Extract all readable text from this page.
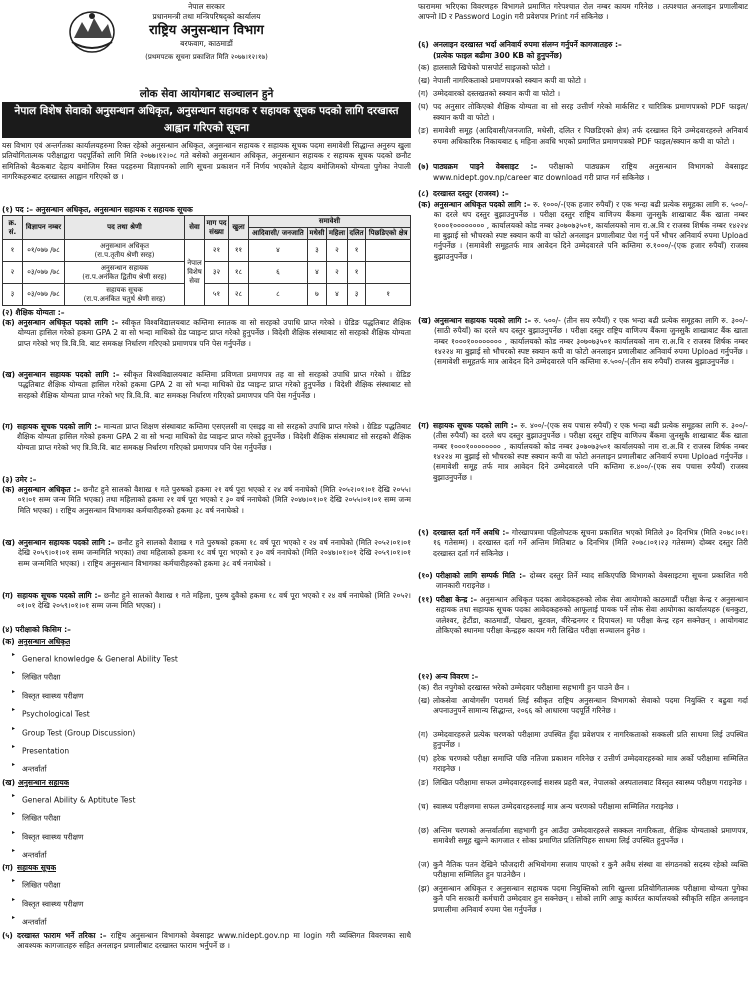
नेपाल सरकार
प्रधानमन्त्री तथा मन्त्रिपरिषद्को कार्यालय
राष्ट्रिय अनुसन्धान विभाग
बरफवाग, काठमाडौं
(प्रथमपटक सूचना प्रकाशित मिति २०७७।१२।१७)
लोक सेवा आयोगबाट सञ्चालन हुने
नेपाल विशेष सेवाको अनुसन्धान अधिकृत, अनुसन्धान सहायक र सहायक सूचक पदको लागि दरखास्त आह्वान गरिएको सूचना

यस विभाग एवं अन्तर्गतका कार्यालयहरुमा रिक्त रहेको अनुसन्धान अधिकृत, अनुसन्धान सहायक र सहायक सूचक पदमा समावेशी सिद्धान्त अनुरुप खुला प्रतियोगितात्मक परीक्षाद्वारा पदपूर्तिको लागि मिति २०७७।१२।०८ गते बसेको अनुसन्धान अधिकृत, अनुसन्धान सहायक र सहायक सूचक पदको छनौट समितिको बैठकबाट देहाय बमोजिम रिक्त पदहरुमा विज्ञापनको लागि सूचना प्रकाशन गर्ने निर्णय भएकोले देहाय बमोजिमको योग्यता पुगेका नेपाली नागरिकहरुबाट दरखास्त आह्वान गरिएको छ ।

(१) पद :– अनुसन्धान अधिकृत, अनुसन्धान सहायक र सहायक सूचक
क्र. सं.	विज्ञापन नम्बर	पद तथा श्रेणी	सेवा	माग पद संख्या	खुला	समावेशी				
						आदिवासी/ जनजाति	मधेसी	महिला	दलित	पिछडिएको क्षेत्र
१	०१/०७७ /७८	अनुसन्धान अधिकृत
(रा.प.तृतीय श्रेणी सरह)	नेपाल विशेष सेवा	२१	११	४	३	२	१	
२	०३/०७७ /७८	अनुसन्धान सहायक
(रा.प.अनंकित द्वितीय श्रेणी सरह)		३२	१८	६	४	२	१	
३	०३/०७७ /७८	सहायक सूचक
(रा.प.अनंकित चतुर्थ श्रेणी सरह)		५१	२८	८	७	४	३	१
(२) शैक्षिक योग्यता :–
(क) अनुसन्धान अधिकृत पदको लागि :– स्वीकृत विश्वविद्यालयबाट कम्तिमा स्नातक वा सो सरहको उपाधि प्राप्त गरेको । ग्रेडिङ पद्धतिबाट शैक्षिक योग्यता हासिल गरेको हकमा GPA 2 वा सो भन्दा माथिको ग्रेड प्वाइन्ट प्राप्त गरेको हुनुपर्नेछ । विदेशी शैक्षिक संस्थाबाट सो सरहको शैक्षिक योग्यता प्राप्त गरेको भए त्रि.वि.वि. बाट समकक्ष निर्धारण गरिएको प्रमाणपत्र पनि पेस गर्नुपर्नेछ ।

(ख) अनुसन्धान सहायक पदको लागि :– स्वीकृत विश्वविद्यालयबाट कम्तिमा प्रविणता प्रमाणपत्र तह वा सो सरहको उपाधि प्राप्त गरेको । ग्रेडिङ पद्धतिबाट शैक्षिक योग्यता हासिल गरेको हकमा GPA 2 वा सो भन्दा माथिको ग्रेड प्वाइन्ट प्राप्त गरेको हुनुपर्नेछ । विदेशी शैक्षिक संस्थाबाट सो सरहको शैक्षिक योग्यता प्राप्त गरेको भए त्रि.वि.वि. बाट समकक्ष निर्धारण गरिएको प्रमाणपत्र पनि पेस गर्नुपर्नेछ ।

(ग) सहायक सूचक पदको लागि :– मान्यता प्राप्त शिक्षण संस्थाबाट कम्तिमा एसएलसी वा एसइइ वा सो सरहको उपाधि प्राप्त गरेको । ग्रेडिङ पद्धतिबाट शैक्षिक योग्यता हासिल गरेको हकमा GPA 2 वा सो भन्दा माथिको ग्रेड प्वाइन्ट प्राप्त गरेको हुनुपर्नेछ । विदेशी शैक्षिक संस्थाबाट सो सरहको शैक्षिक योग्यता प्राप्त गरेको भए त्रि.वि.वि. बाट समकक्ष निर्धारण गरिएको प्रमाणपत्र पनि पेस गर्नुपर्नेछ ।

(३) उमेर :–
(क) अनुसन्धान अधिकृत :– छनौट हुने सालको वैशाख १ गते पुरुषको हकमा २१ वर्ष पूरा भएको र २४ वर्ष ननाघेको (मिति २०५२।०१।०१ देखि २०५५।०१।०१ सम्म जन्म मिति भएका) तथा महिलाको हकमा २१ वर्ष पूरा भएको र ३० वर्ष ननाघेको (मिति २०४७।०१।०१ देखि २०५५।०१।०१ सम्म जन्म मिति भएका) । राष्ट्रिय अनुसन्धान विभागका कर्मचारीहरुको हकमा ३८ वर्ष ननाघेको ।

(ख) अनुसन्धान सहायक पदको लागि :– छनौट हुने सालको वैशाख १ गते पुरुषको हकमा १८ वर्ष पूरा भएको र २४ वर्ष ननाघेको (मिति २०५२।०१।०१ देखि २०५९।०१।०१ सम्म जन्ममिति भएका) तथा महिलाको हकमा १८ वर्ष पूरा भएको र ३० वर्ष ननाघेको (मिति २०४७।०१।०१ देखि २०५९।०१।०१ सम्म जन्ममिति भएका) । राष्ट्रिय अनुसन्धान विभागका कर्मचारीहरुको हकमा ३८ वर्ष ननाघेको ।

(ग) सहायक सूचक पदको लागि :– छनौट हुने सालको वैशाख १ गते महिला, पुरुष दुवैको हकमा १८ वर्ष पूरा भएको र २४ वर्ष ननाघेको (मिति २०५२।०१।०१ देखि २०५९।०१।०१ सम्म जन्म मिति भएका) ।

(४) परीक्षाको किसिम :–
(क) अनुसन्धान अधिकृत
▸General knowledge & General Ability Test
▸लिखित परीक्षा
▸विस्तृत स्वास्थ्य परीक्षण
▸Psychological Test
▸Group Test (Group Discussion)
▸Presentation
▸अन्तर्वार्ता
(ख) अनुसन्धान सहायक
▸General Ability & Aptitute Test
▸लिखित परीक्षा
▸विस्तृत स्वास्थ्य परीक्षण
▸अन्तर्वार्ता
(ग) सहायक सूचक
▸लिखित परीक्षा
▸विस्तृत स्वास्थ्य परीक्षण
▸अन्तर्वार्ता
(५) दरखास्त फाराम भर्ने तरिका :– राष्ट्रिय अनुसन्धान विभागको वेबसाइट www.nidept.gov.np मा login गरी व्यक्तिगत विवरणका साथै आवश्यक कागजातहरु सहित अनलाइन प्रणालीबाट दरखास्त फाराम भर्नुपर्ने छ ।

फाराममा भरिएका विवरणहरु विभागले प्रमाणित गरेपश्चात रोल नम्बर कायम गरिनेछ । तत्पश्चात अनलाइन प्रणालीबाट आफ्नो ID र Password Login गरी प्रवेशपत्र Print गर्न सकिनेछ ।

(६) अनलाइन दरखास्त भर्दा अनिवार्य रुपमा संलग्न गर्नुपर्ने कागजातहरु :–
(प्रत्येक फाइल बढीमा 300 KB को हुनुपर्नेछ)
(क) हालसालै खिचेको पासपोर्ट साइजको फोटो ।

(ख) नेपाली नागरिकताको प्रमाणपत्रको स्क्यान कपी वा फोटो ।

(ग) उम्मेदवारको दस्तखतको स्क्यान कपी वा फोटो ।

(घ) पद अनुसार तोकिएको शैक्षिक योग्यता वा सो सरह उत्तीर्ण गरेको मार्कसिट र चारित्रिक प्रमाणपत्रको PDF फाइल/स्क्यान कपी वा फोटो ।

(ङ) समावेशी समूह (आदिवासी/जनजाति, मधेसी, दलित र पिछडिएको क्षेत्र) तर्फ दरखास्त दिने उम्मेदवारहरुले अनिवार्य रुपमा अधिकारिक निकायबाट ६ महिना अवधि भएको प्रमाणित प्रमाणपत्रको PDF फाइल/स्क्यान कपी वा फोटो ।

(७) पाठ्यक्रम पाइने वेबसाइट :– परीक्षाको पाठ्यक्रम राष्ट्रिय अनुसन्धान विभागको वेबसाइट www.nidept.gov.np/career बाट download गरी प्राप्त गर्न सकिनेछ ।

(८) दरखास्त दस्तुर (राजस्व) :–
(क) अनुसन्धान अधिकृत पदको लागि :– रु. १०००/-(एक हजार रुपैयाँ) र एक भन्दा बढी प्रत्येक समूहका लागि रु. ५००/- का दरले थप दस्तुर बुझाउनुपर्नेछ । परीक्षा दस्तुर राष्ट्रिय वाणिज्य बैंकमा जुनसुकै शाखाबाट बैंक खाता नम्बर १०००१०००००००० , कार्यालयको कोड नम्बर ३०७०७३५०१, कार्यालयको नाम रा.अ.वि र राजस्व शिर्षक नम्बर १४२२४ मा बुझाई सो भौचरको स्पष्ट स्क्यान कपी वा फोटो अनलाइन प्रणालीबाट पेश गर्नु पर्ने भौचर अनिवार्य रुपमा Upload गर्नुपर्नेछ । (समावेशी समूहतर्फ मात्र आवेदन दिने उम्मेदवारले पनि कम्तिमा रु.१०००/-(एक हजार रुपैयाँ) राजस्व बुझाउनुपर्नेछ ।

(ख) अनुसन्धान सहायक पदको लागि :– रु. ५००/- (तीन सय रुपैयाँ) र एक भन्दा बढी प्रत्येक समूहका लागि रु. ३००/- (साठी रुपैयाँ) का दरले थप दस्तुर बुझाउनुपर्नेछ । परीक्षा दस्तुर राष्ट्रिय वाणिज्य बैंकमा जुनसुकै शाखाबाट बैंक खाता नम्बर १०००१०००००००० , कार्यालयको कोड नम्बर ३०७०७३५०१ कार्यालयको नाम रा.अ.वि र राजस्व शिर्षक नम्बर १४२२४ मा बुझाई सो भौचरको स्पष्ट स्क्यान कपी वा फोटो अनलाइन प्रणालीबाट अनिवार्य रुपमा Upload गर्नुपर्नेछ । (समावेशी समूहतर्फ मात्र आवेदन दिने उम्मेदवारले पनि कम्तिमा रु.५००/-(तीन सय रुपैयाँ) राजस्व बुझाउनुपर्नेछ ।

(ग) सहायक सूचक पदको लागि :– रु. ४००/-(एक सय पचास रुपैयाँ) र एक भन्दा बढी प्रत्येक समूहका लागि रु. ३००/- (तीस रुपैयाँ) का दरले थप दस्तुर बुझाउनुपर्नेछ । परीक्षा दस्तुर राष्ट्रिय वाणिज्य बैंकमा जुनसुकै शाखाबाट बैंक खाता नम्बर १०००१०००००००० , कार्यालयको कोड नम्बर ३०७०७३५०१ कार्यालयको नाम रा.अ.वि र राजस्व शिर्षक नम्बर १४२२४ मा बुझाई सो भौचरको स्पष्ट स्क्यान कपी वा फोटो अनलाइन प्रणालीबाट अनिवार्य रुपमा Upload गर्नुपर्नेछ । (समावेशी समूह तर्फ मात्र आवेदन दिने उम्मेदवारले पनि कम्तिमा रु.४००/-(एक सय पचास रुपैयाँ) राजस्व बुझाउनुपर्नेछ ।

(९) दरखास्त दर्ता गर्ने अवधि :– गोरखापत्रमा पहिलोपटक सूचना प्रकाशित भएको मितिले ३० दिनभित्र (मिति २०७८।०१।१६ गतेसम्म) । दरखास्त दर्ता गर्ने अन्तिम मितिबाट ७ दिनभित्र (मिति २०७८।०१।२३ गतेसम्म) दोब्बर दस्तुर तिरी दरखास्त दर्ता गर्न सकिनेछ ।

(१०) परीक्षाको लागि सम्पर्क मिति :– दोब्बर दस्तुर तिर्ने म्याद सकिएपछि विभागको वेबसाइटमा सूचना प्रकाशित गरी जानकारी गराइनेछ ।

(११) परीक्षा केन्द्र :– अनुसन्धान अधिकृत पदका आवेदकहरुको लोक सेवा आयोगको काठमाडौं परीक्षा केन्द्र र अनुसन्धान सहायक तथा सहायक सूचक पदका आवेदकहरुको आफूलाई पायक पर्ने लोक सेवा आयोगका कार्यालयहरु (धनकुटा, जलेश्वर, हेटौंडा, काठमाडौं, पोखरा, बुटवल, वीरेन्द्रनगर र दिपायल) मा परीक्षा केन्द्र रहन सक्नेछन् । आयोगबाट तोकिएको स्थानमा परीक्षा केन्द्रहरु कायम गरी लिखित परीक्षा सञ्चालन हुनेछ ।

(१२) अन्य विवरण :–
(क) रीत नपुगेको दरखास्त भरेको उम्मेदवार परीक्षामा सहभागी हुन पाउने छैन ।

(ख) लोकसेवा आयोगसँग परामर्श लिई स्वीकृत राष्ट्रिय अनुसन्धान विभागको सेवाको पदमा नियुक्ति र बढुवा गर्दा अपनाउनुपर्ने सामान्य सिद्धान्त, २०६६ को आधारमा पदपूर्ति गरिनेछ ।

(ग) उम्मेदवारहरुले प्रत्येक चरणको परीक्षामा उपस्थित हुँदा प्रवेशपत्र र नागरिकताको सक्कली प्रति साथमा लिई उपस्थित हुनुपर्नेछ ।

(घ) हरेक चरणको परीक्षा समाप्ति पछि नतिजा प्रकाशन गरिनेछ र उत्तीर्ण उम्मेदवारहरुको मात्र अर्को परीक्षामा सम्मिलित गराइनेछ ।

(ङ) लिखित परीक्षामा सफल उम्मेदवारहरुलाई सशस्त्र प्रहरी बल, नेपालको अस्पतालबाट विस्तृत स्वास्थ्य परीक्षण गराइनेछ ।

(च) स्वास्थ्य परीक्षणमा सफल उम्मेदवारहरुलाई मात्र अन्य चरणको परीक्षामा सम्मिलित गराइनेछ ।

(छ) अन्तिम चरणको अन्तर्वार्तामा सहभागी हुन आउँदा उम्मेदवारहरुले सक्कल नागरिकता, शैक्षिक योग्यताको प्रमाणपत्र, समावेशी समूह खुल्ने कागजात र सोका प्रमाणित प्रतिलिपिहरु साथमा लिई उपस्थित हुनुपर्नेछ ।

(ज) कुनै नैतिक पतन देखिने फौजदारी अभियोगमा सजाय पाएको र कुनै अवैध संस्था वा संगठनको सदस्य रहेको व्यक्ति परीक्षामा सम्मिलित हुन पाउनेछैन ।

(झ) अनुसन्धान अधिकृत र अनुसन्धान सहायक पदमा नियुक्तिको लागि खुल्ला प्रतियोगितात्मक परीक्षामा योग्यता पुगेका कुनै पनि सरकारी कर्मचारी उम्मेदवार हुन सक्नेछन् । सोको लागि आफू कार्यरत कार्यालयको स्वीकृति सहित अनलाइन प्रणालीमा अनिवार्य रुपमा पेस गर्नुपर्नेछ ।
